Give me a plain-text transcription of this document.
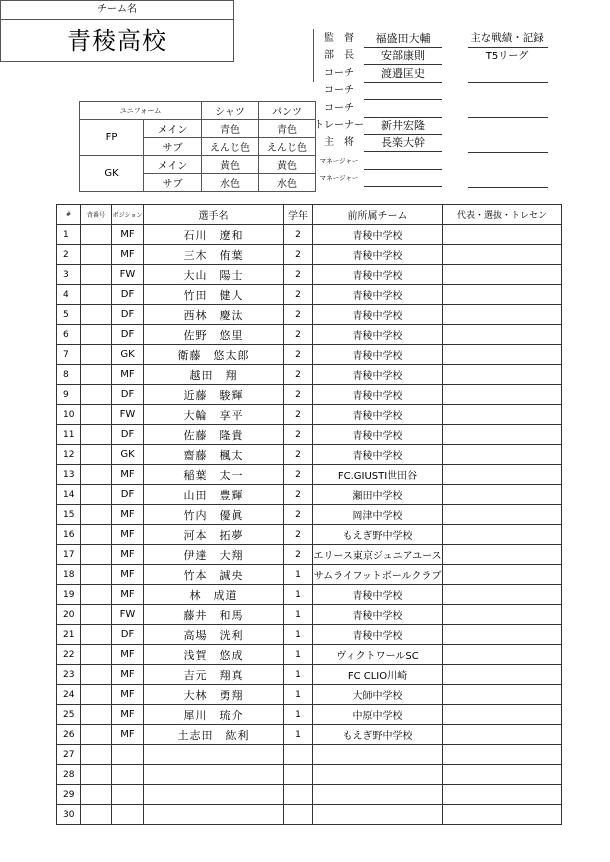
チーム名
青稜高校	監　督	福盛田大輔
部　長	安部康則
コーチ	渡邉匡史
コーチ
コーチ
トレーナー	新井宏隆
主　将	長楽大幹
マネージャー
マネージャー
主な戦績・記録
T5リーグ
ユニフォーム		シャツ	パンツ
FP	メイン	青色	青色
	サブ	えんじ色	えんじ色
GK	メイン	黄色	黄色
	サブ	水色	水色
#	背番号	ポジション	選手名	学年	前所属チーム	代表・選抜・トレセン
1		MF	石川　遼和	2	青稜中学校	
2		MF	三木　侑葉	2	青稜中学校	
3		FW	大山　陽士	2	青稜中学校	
4		DF	竹田　健人	2	青稜中学校	
5		DF	西林　慶汰	2	青稜中学校	
6		DF	佐野　悠里	2	青稜中学校	
7		GK	衛藤　悠太郎	2	青稜中学校	
8		MF	越田　翔	2	青稜中学校	
9		DF	近藤　駿輝	2	青稜中学校	
10		FW	大輪　享平	2	青稜中学校	
11		DF	佐藤　隆貴	2	青稜中学校	
12		GK	齋藤　楓太	2	青稜中学校	
13		MF	稲葉　太一	2	FC.GIUSTI世田谷	
14		DF	山田　豊輝	2	瀬田中学校	
15		MF	竹内　優眞	2	岡津中学校	
16		MF	河本　拓夢	2	もえぎ野中学校	
17		MF	伊達　大翔	2	エリース東京ジュニアユース	
18		MF	竹本　誠央	1	サムライフットボールクラブ	
19		MF	林　成道	1	青稜中学校	
20		FW	藤井　和馬	1	青稜中学校	
21		DF	高場　洸利	1	青稜中学校	
22		MF	浅賀　悠成	1	ヴィクトワールSC	
23		MF	吉元　翔真	1	FC CLIO川崎	
24		MF	大林　勇翔	1	大師中学校	
25		MF	犀川　琉介	1	中原中学校	
26		MF	土志田　紘利	1	もえぎ野中学校	
27						
28						
29						
30						
